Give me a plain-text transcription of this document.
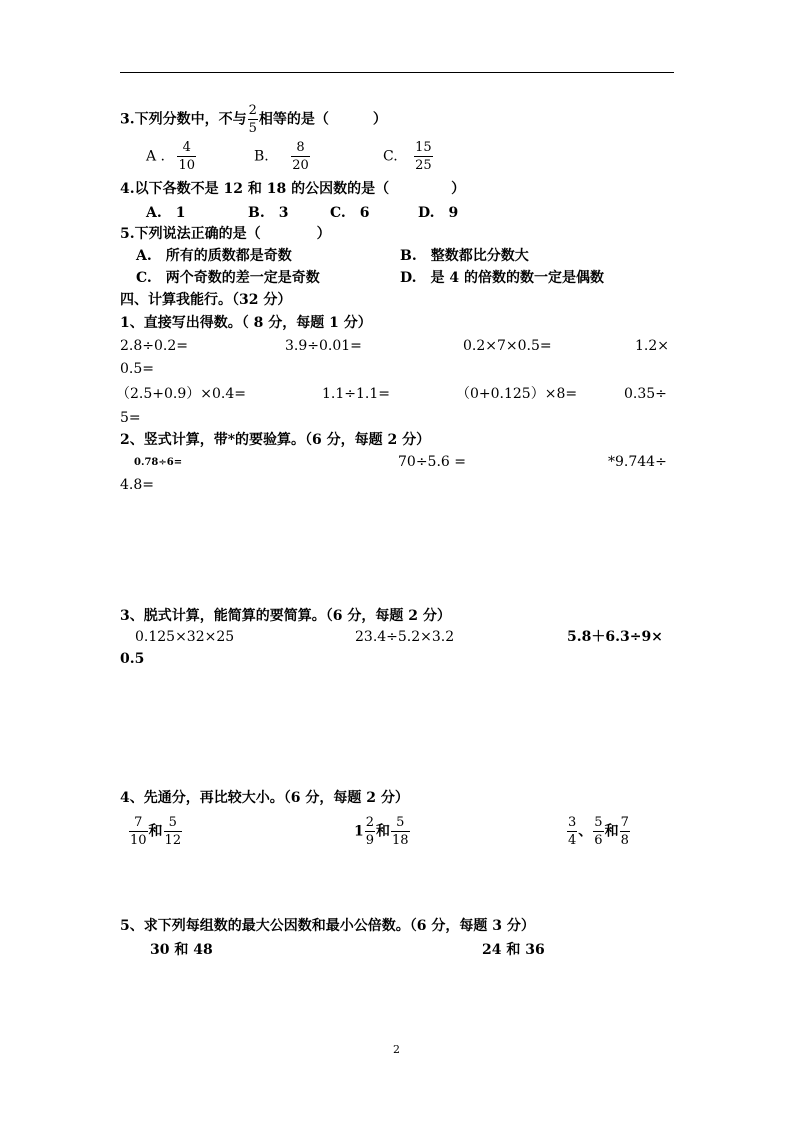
3.下列分数中，不与 $\frac{2}{5}$ 相等的是（	）
A . $\frac{4}{10}$	B. $\frac{8}{20}$	C. $\frac{15}{25}$
4.以下各数不是 12 和 18 的公因数的是（	）
A.　1	B.　3	C.　6	D.　9
5.下列说法正确的是（	）
A.　所有的质数都是奇数	B.　整数都比分数大
C.　两个奇数的差一定是奇数	D.　是 4 的倍数的数一定是偶数
四、计算我能行。（32 分）
1、直接写出得数。（ 8 分，每题 1 分）
2.8÷0.2=	3.9÷0.01=	0.2×7×0.5=	1.2×
0.5=
（2.5+0.9）×0.4=	1.1÷1.1=	（0+0.125）×8=	0.35÷
5=
2、竖式计算，带*的要验算。（6 分，每题 2 分）
0.78÷6=	70÷5.6 =	*9.744÷
4.8=
3、脱式计算，能简算的要简算。（6 分，每题 2 分）
0.125×32×25	23.4÷5.2×3.2	5.8＋6.3÷9×
0.5
4、先通分，再比较大小。（6 分，每题 2 分）
$\frac{7}{10}$ 和 $\frac{5}{12}$	$1 \frac{2}{9}$ 和 $\frac{5}{18}$	$\frac{3}{4}$ 、 $\frac{5}{6}$ 和 $\frac{7}{8}$
5、求下列每组数的最大公因数和最小公倍数。（6 分，每题 3 分）
30 和 48	24 和 36
2
